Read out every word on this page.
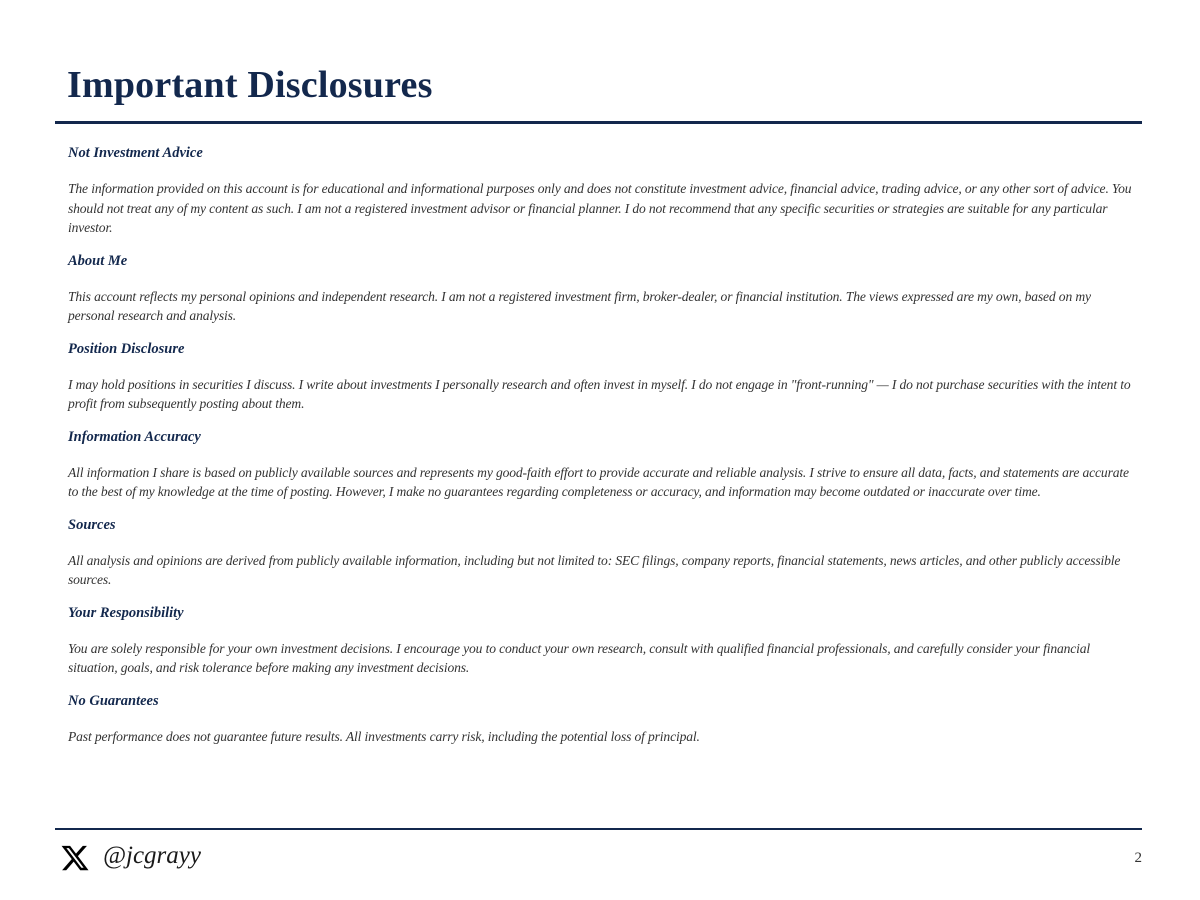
Important Disclosures
Not Investment Advice

The information provided on this account is for educational and informational purposes only and does not constitute investment advice, financial advice, trading advice, or any other sort of advice. You should not treat any of my content as such. I am not a registered investment advisor or financial planner. I do not recommend that any specific securities or strategies are suitable for any particular investor.

About Me

This account reflects my personal opinions and independent research. I am not a registered investment firm, broker-dealer, or financial institution. The views expressed are my own, based on my personal research and analysis.

Position Disclosure

I may hold positions in securities I discuss. I write about investments I personally research and often invest in myself. I do not engage in "front-running" — I do not purchase securities with the intent to profit from subsequently posting about them.

Information Accuracy

All information I share is based on publicly available sources and represents my good-faith effort to provide accurate and reliable analysis. I strive to ensure all data, facts, and statements are accurate to the best of my knowledge at the time of posting. However, I make no guarantees regarding completeness or accuracy, and information may become outdated or inaccurate over time.

Sources

All analysis and opinions are derived from publicly available information, including but not limited to: SEC filings, company reports, financial statements, news articles, and other publicly accessible sources.

Your Responsibility

You are solely responsible for your own investment decisions. I encourage you to conduct your own research, consult with qualified financial professionals, and carefully consider your financial situation, goals, and risk tolerance before making any investment decisions.

No Guarantees

Past performance does not guarantee future results. All investments carry risk, including the potential loss of principal.

@jcgrayy	2
